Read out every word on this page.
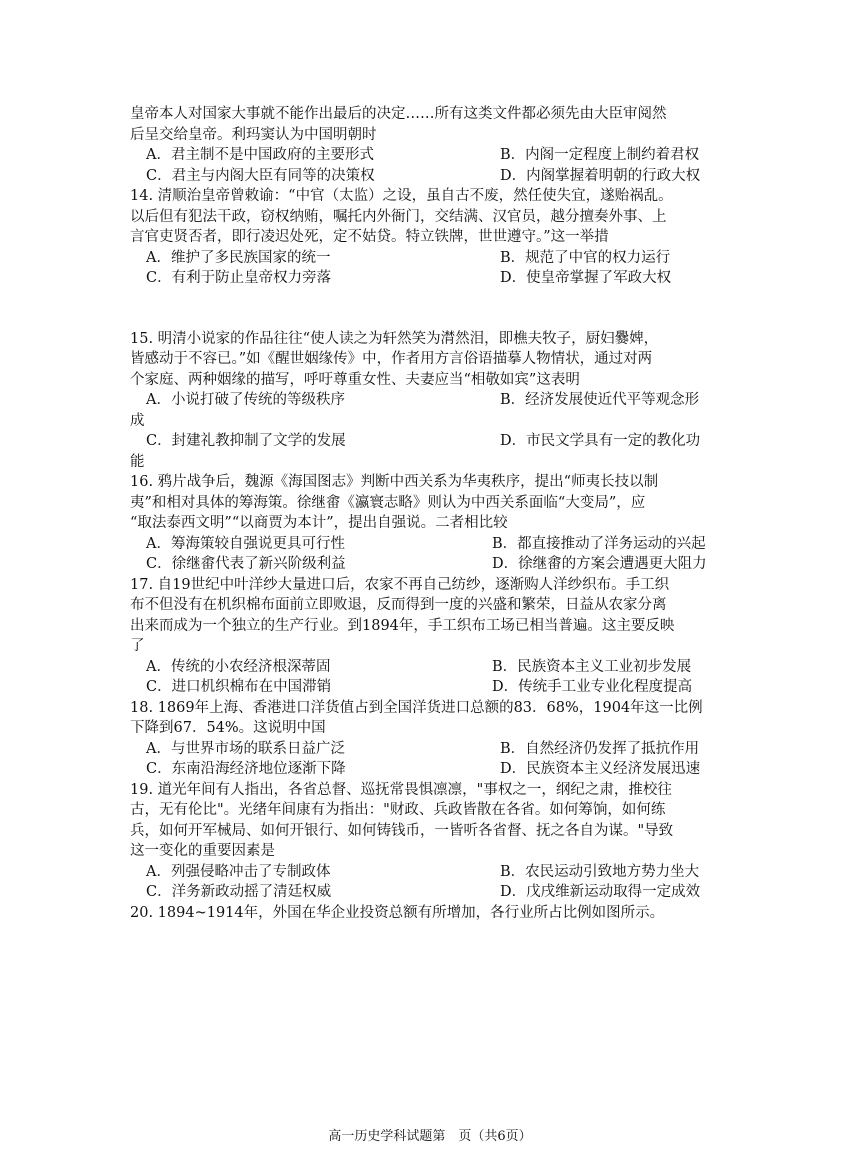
皇帝本人对国家大事就不能作出最后的决定……所有这类文件都必须先由大臣审阅然
后呈交给皇帝。利玛窦认为中国明朝时
A．君主制不是中国政府的主要形式	B．内阁一定程度上制约着君权
C．君主与内阁大臣有同等的决策权	D．内阁掌握着明朝的行政大权
14. 清顺治皇帝曾敕谕：“中官（太监）之设，虽自古不废，然任使失宜，遂贻祸乱。
以后但有犯法干政，窃权纳贿，嘱托内外衙门，交结满、汉官员，越分擅奏外事、上
言官吏贤否者，即行凌迟处死，定不姑贷。特立铁牌，世世遵守。”这一举措
A．维护了多民族国家的统一	B．规范了中官的权力运行
C．有利于防止皇帝权力旁落	D．使皇帝掌握了军政大权
15. 明清小说家的作品往往“使人读之为轩然笑为潸然泪，即樵夫牧子，厨妇爨婢，
皆感动于不容已。”如《醒世姻缘传》中，作者用方言俗语描摹人物情状，通过对两
个家庭、两种姻缘的描写，呼吁尊重女性、夫妻应当“相敬如宾”这表明
A．小说打破了传统的等级秩序	B．经济发展使近代平等观念形
成
C．封建礼教抑制了文学的发展	D．市民文学具有一定的教化功
能
16. 鸦片战争后，魏源《海国图志》判断中西关系为华夷秩序，提出“师夷长技以制
夷”和相对具体的筹海策。徐继畬《瀛寰志略》则认为中西关系面临“大变局”，应
“取法泰西文明”“以商贾为本计”，提出自强说。二者相比较
A．筹海策较自强说更具可行性	B．都直接推动了洋务运动的兴起
C．徐继畬代表了新兴阶级利益	D．徐继畬的方案会遭遇更大阻力
17. 自19世纪中叶洋纱大量进口后，农家不再自己纺纱，逐渐购人洋纱织布。手工织
布不但没有在机织棉布面前立即败退，反而得到一度的兴盛和繁荣，日益从农家分离
出来而成为一个独立的生产行业。到1894年，手工织布工场已相当普遍。这主要反映
了
A．传统的小农经济根深蒂固	B．民族资本主义工业初步发展
C．进口机织棉布在中国滞销	D．传统手工业专业化程度提高
18. 1869年上海、香港进口洋货值占到全国洋货进口总额的83．68%，1904年这一比例
下降到67．54%。这说明中国
A．与世界市场的联系日益广泛	B．自然经济仍发挥了抵抗作用
C．东南沿海经济地位逐渐下降	D．民族资本主义经济发展迅速
19. 道光年间有人指出，各省总督、巡抚常畏惧凛凛，"事权之一，纲纪之肃，推校往
古，无有伦比"。光绪年间康有为指出："财政、兵政皆散在各省。如何筹饷，如何练
兵，如何开军械局、如何开银行、如何铸钱币，一皆听各省督、抚之各自为谋。"导致
这一变化的重要因素是
A．列强侵略冲击了专制政体	B．农民运动引致地方势力坐大
C．洋务新政动摇了清廷权威	D．戊戌维新运动取得一定成效
20. 1894~1914年，外国在华企业投资总额有所增加，各行业所占比例如图所示。
高一历史学科试题第　页（共6页）
